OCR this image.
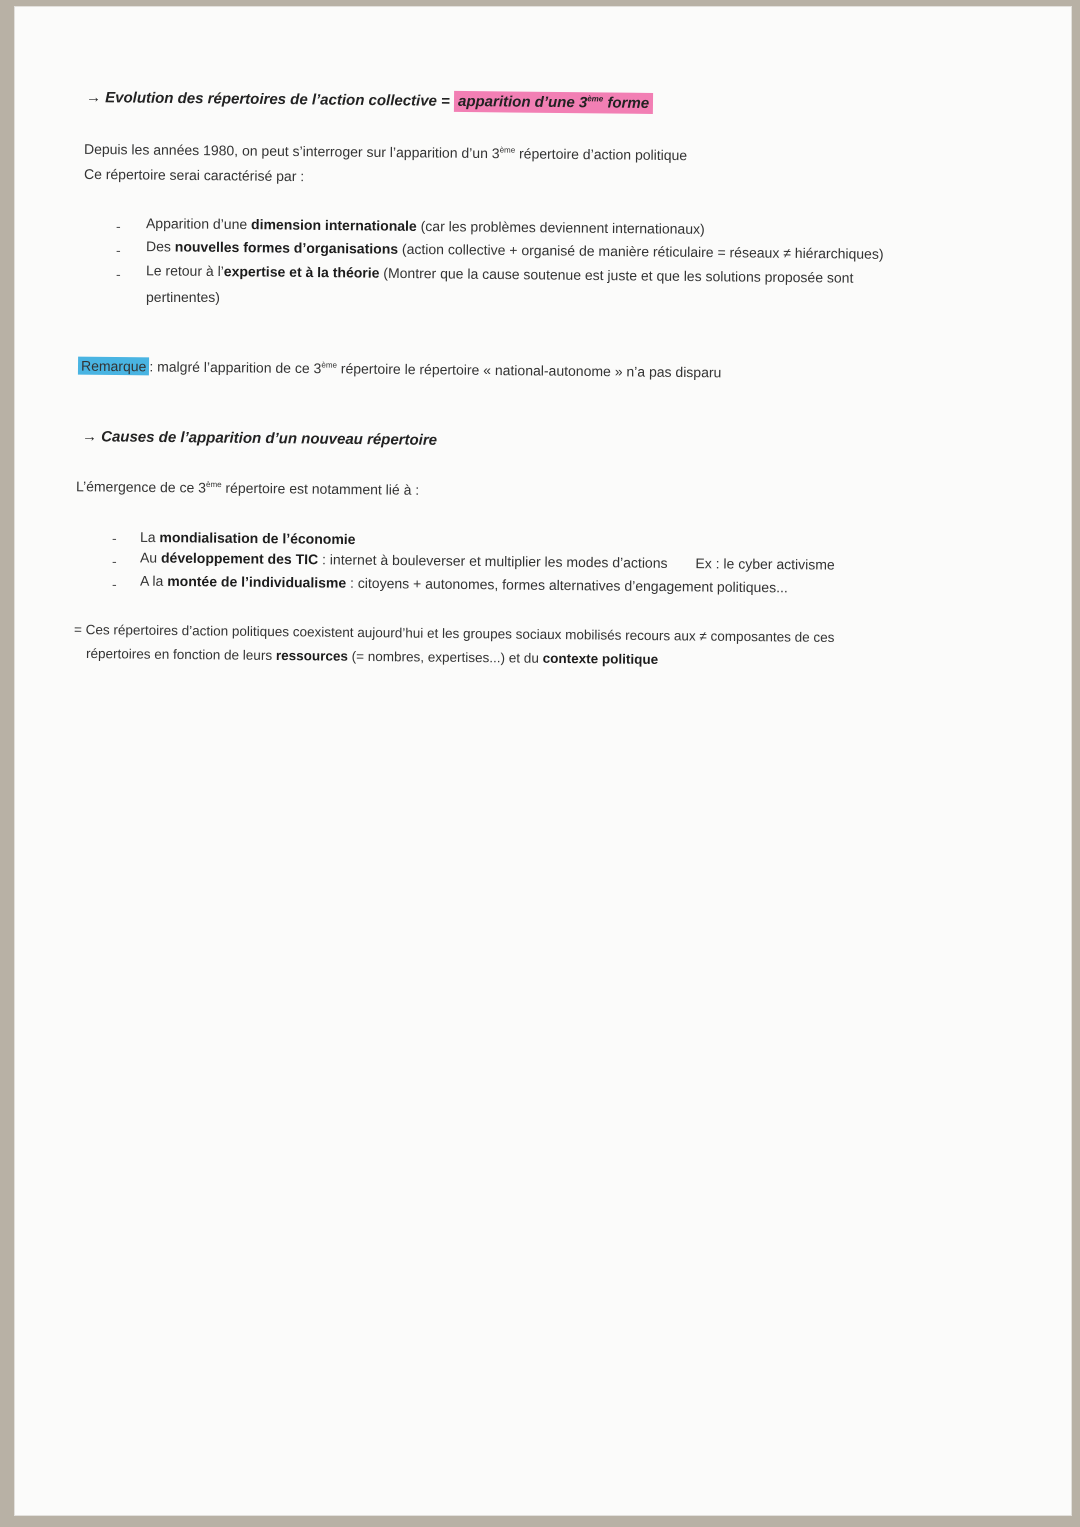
→ Evolution des répertoires de l’action collective = apparition d’une 3ème forme
Depuis les années 1980, on peut s’interroger sur l’apparition d’un 3ème répertoire d’action politique
Ce répertoire serai caractérisé par :
- Apparition d’une dimension internationale (car les problèmes deviennent internationaux)
- Des nouvelles formes d’organisations (action collective + organisé de manière réticulaire = réseaux ≠ hiérarchiques)
- Le retour à l’expertise et à la théorie (Montrer que la cause soutenue est juste et que les solutions proposée sont
pertinentes)
Remarque : malgré l’apparition de ce 3ème répertoire le répertoire « national-autonome » n’a pas disparu
→ Causes de l’apparition d’un nouveau répertoire
L’émergence de ce 3ème répertoire est notamment lié à :
- La mondialisation de l’économie
- Au développement des TIC : internet à bouleverser et multiplier les modes d’actions Ex : le cyber activisme
- A la montée de l’individualisme : citoyens + autonomes, formes alternatives d’engagement politiques...
= Ces répertoires d’action politiques coexistent aujourd’hui et les groupes sociaux mobilisés recours aux ≠ composantes de ces
répertoires en fonction de leurs ressources (= nombres, expertises...) et du contexte politique
